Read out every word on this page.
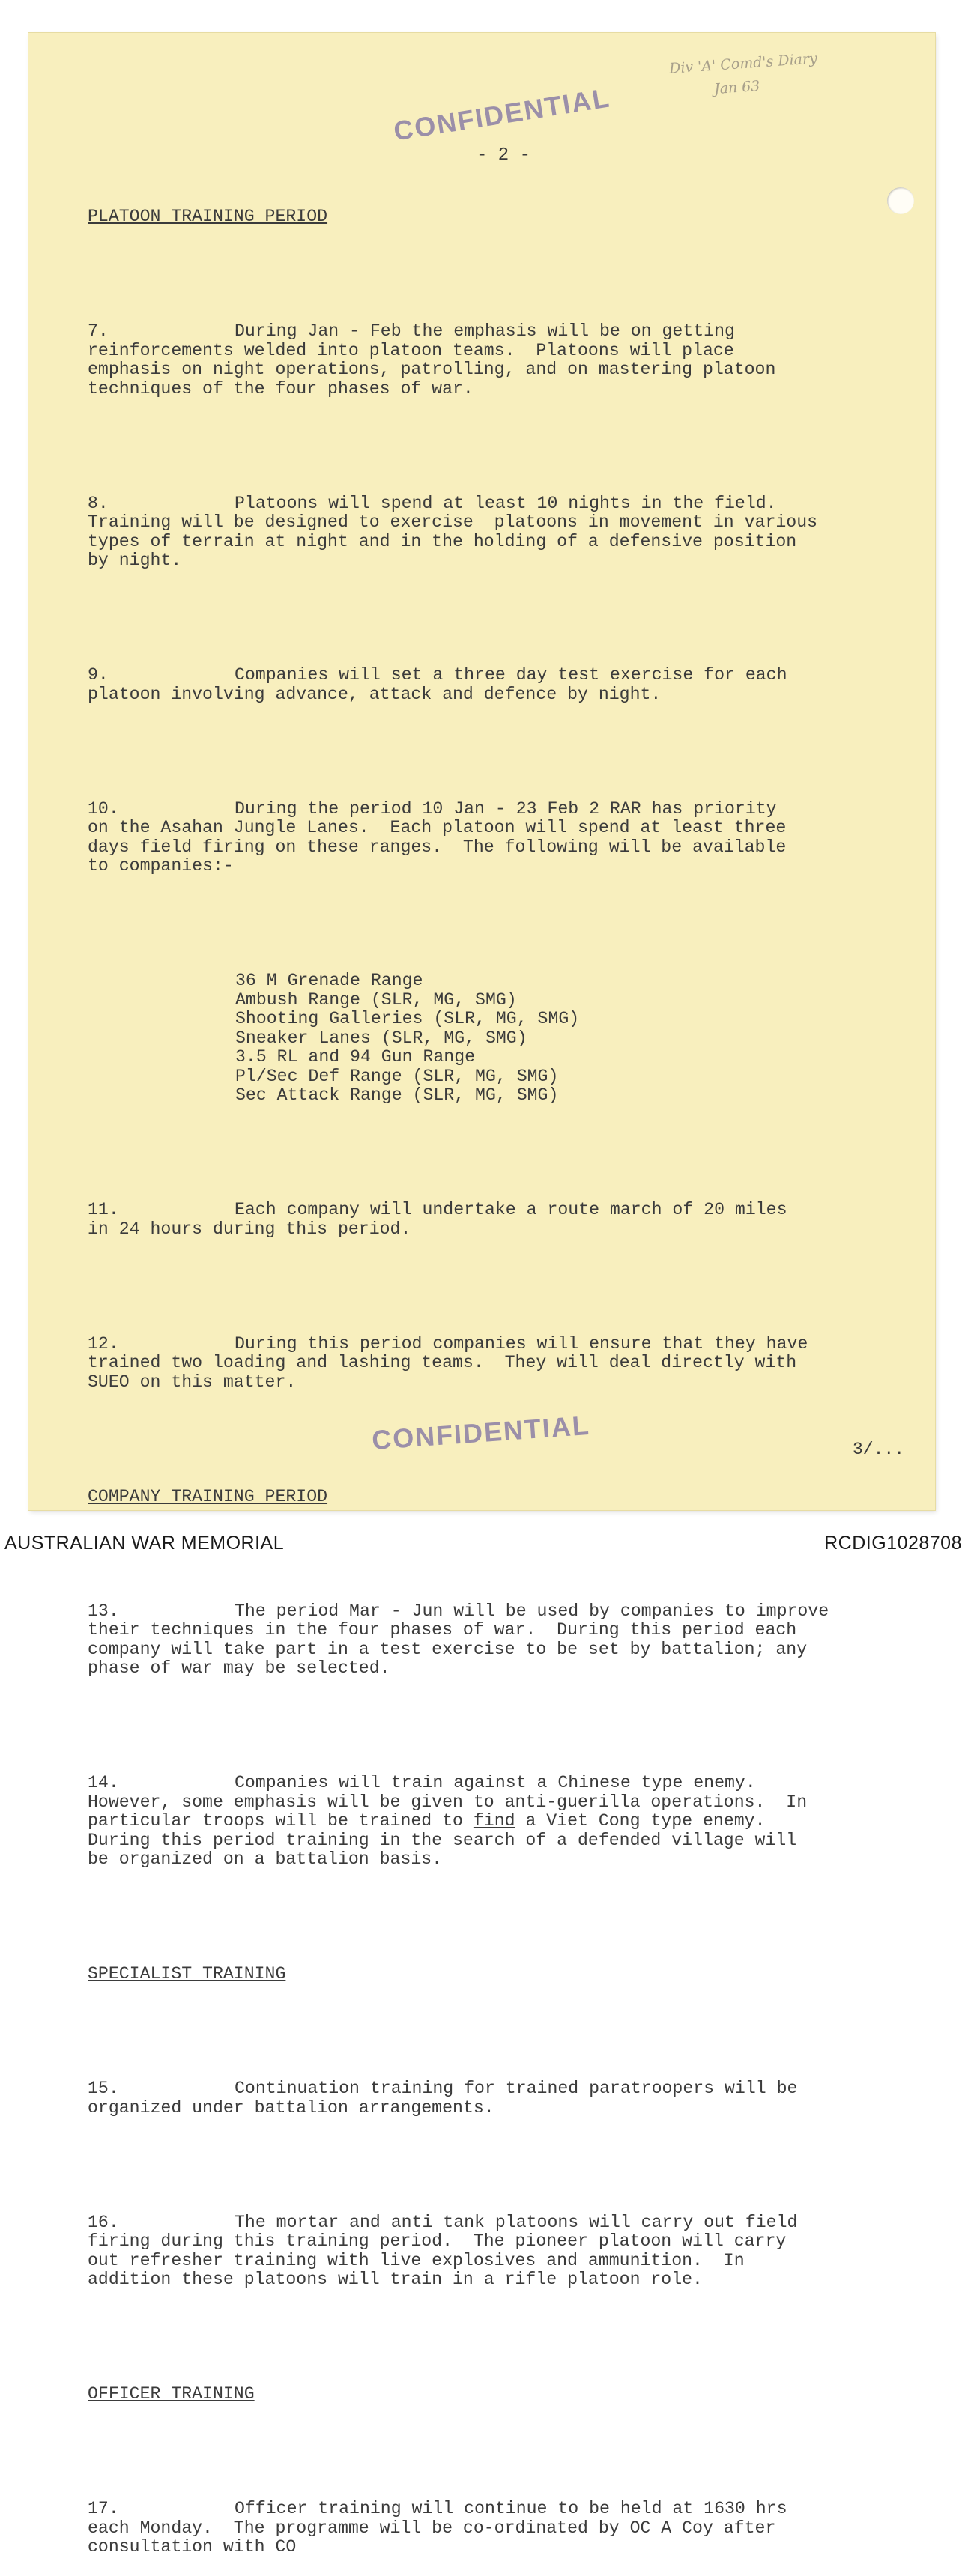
Div 'A' Comd's Diary
Jan 63
CONFIDENTIAL
- 2 -
CONFIDENTIAL	3/...

PLATOON TRAINING PERIOD

7.	During Jan - Feb the emphasis will be on getting
reinforcements welded into platoon teams.  Platoons will place
emphasis on night operations, patrolling, and on mastering platoon
techniques of the four phases of war.

8.	Platoons will spend at least 10 nights in the field.
Training will be designed to exercise  platoons in movement in various
types of terrain at night and in the holding of a defensive position
by night.

9.	Companies will set a three day test exercise for each
platoon involving advance, attack and defence by night.

10.	During the period 10 Jan - 23 Feb 2 RAR has priority
on the Asahan Jungle Lanes.  Each platoon will spend at least three
days field firing on these ranges.  The following will be available
to companies:-

36 M Grenade Range
Ambush Range (SLR, MG, SMG)
Shooting Galleries (SLR, MG, SMG)
Sneaker Lanes (SLR, MG, SMG)
3.5 RL and 94 Gun Range
Pl/Sec Def Range (SLR, MG, SMG)
Sec Attack Range (SLR, MG, SMG)

11.	Each company will undertake a route march of 20 miles
in 24 hours during this period.

12.	During this period companies will ensure that they have
trained two loading and lashing teams.  They will deal directly with
SUEO on this matter.

COMPANY TRAINING PERIOD

13.	The period Mar - Jun will be used by companies to improve
their techniques in the four phases of war.  During this period each
company will take part in a test exercise to be set by battalion; any
phase of war may be selected.

14.	Companies will train against a Chinese type enemy.
However, some emphasis will be given to anti-guerilla operations.  In
particular troops will be trained to find a Viet Cong type enemy.
During this period training in the search of a defended village will
be organized on a battalion basis.

SPECIALIST TRAINING

15.	Continuation training for trained paratroopers will be
organized under battalion arrangements.

16.	The mortar and anti tank platoons will carry out field
firing during this training period.  The pioneer platoon will carry
out refresher training with live explosives and ammunition.  In
addition these platoons will train in a rifle platoon role.

OFFICER TRAINING

17.	Officer training will continue to be held at 1630 hrs
each Monday.  The programme will be co-ordinated by OC A Coy after
consultation with CO

AUSTRALIAN WAR MEMORIAL	RCDIG1028708
